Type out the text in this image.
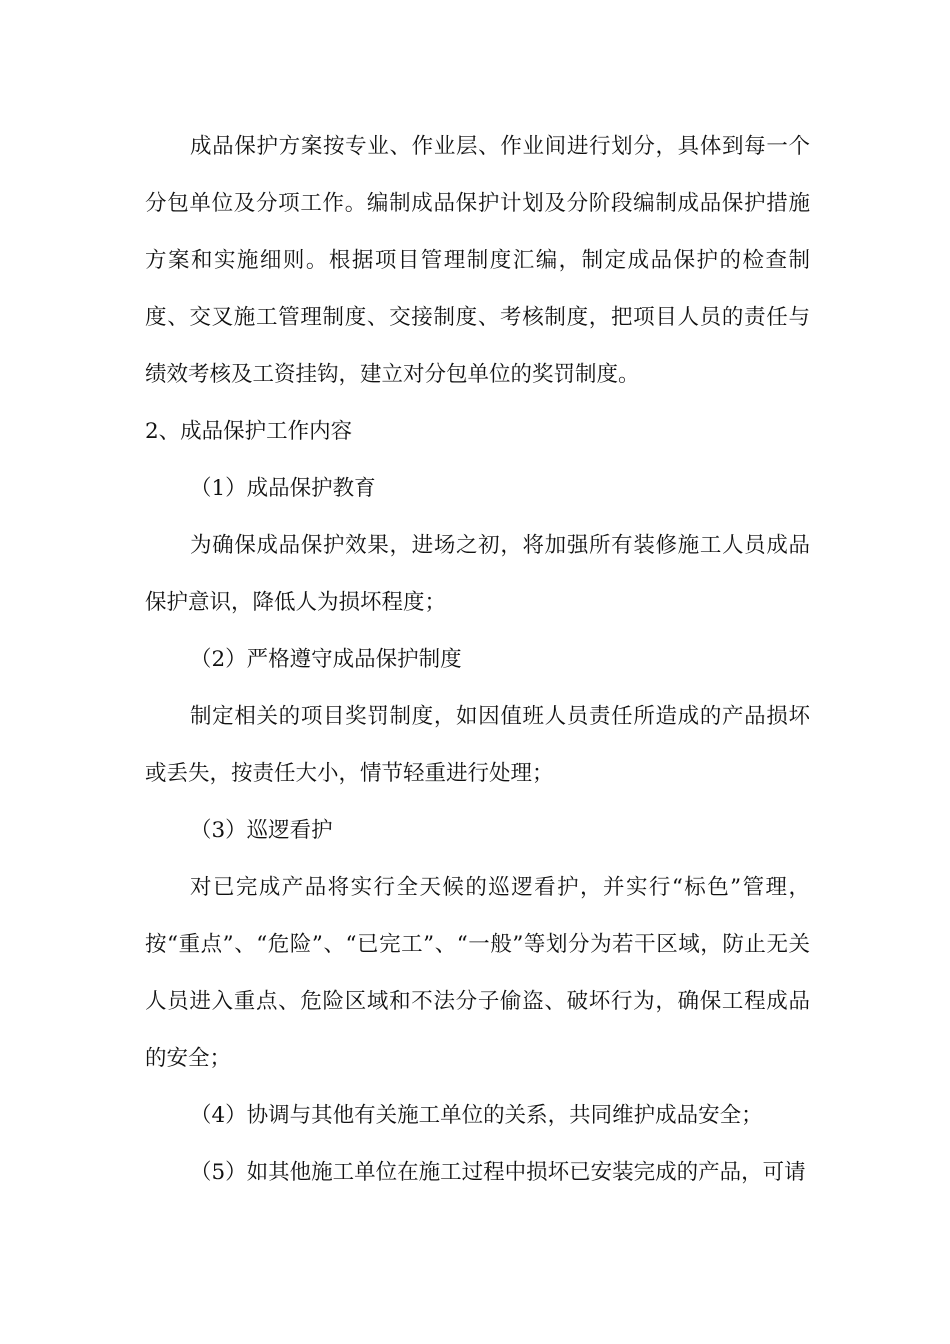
成品保护方案按专业、作业层、作业间进行划分，具体到每一个分包单位及分项工作。编制成品保护计划及分阶段编制成品保护措施方案和实施细则。根据项目管理制度汇编，制定成品保护的检查制度、交叉施工管理制度、交接制度、考核制度，把项目人员的责任与绩效考核及工资挂钩，建立对分包单位的奖罚制度。

2、成品保护工作内容

（1）成品保护教育

为确保成品保护效果，进场之初，将加强所有装修施工人员成品保护意识，降低人为损坏程度；

（2）严格遵守成品保护制度

制定相关的项目奖罚制度，如因值班人员责任所造成的产品损坏或丢失，按责任大小，情节轻重进行处理；

（3）巡逻看护

对已完成产品将实行全天候的巡逻看护，并实行“标色”管理，按“重点”、“危险”、“已完工”、“一般”等划分为若干区域，防止无关人员进入重点、危险区域和不法分子偷盗、破坏行为，确保工程成品的安全；

（4）协调与其他有关施工单位的关系，共同维护成品安全；

（5）如其他施工单位在施工过程中损坏已安装完成的产品，可请
